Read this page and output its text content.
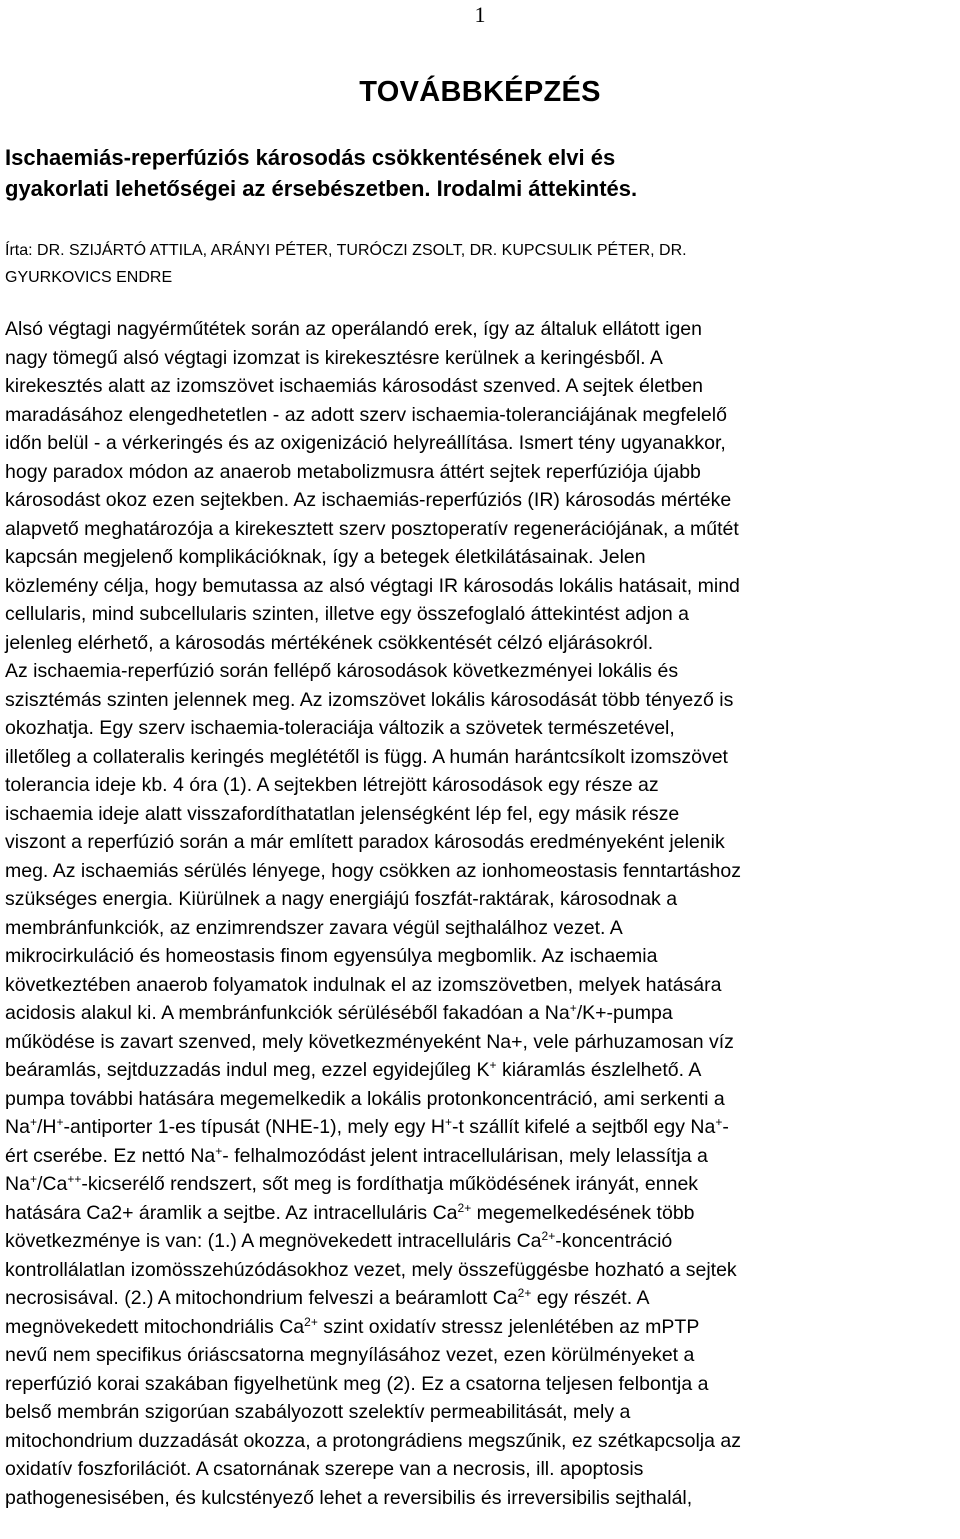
1
TOVÁBBKÉPZÉS
Ischaemiás-reperfúziós károsodás csökkentésének elvi és
gyakorlati lehetőségei az érsebészetben. Irodalmi áttekintés.
Írta: DR. SZIJÁRTÓ ATTILA, ARÁNYI PÉTER, TURÓCZI ZSOLT, DR. KUPCSULIK PÉTER, DR.
GYURKOVICS ENDRE
Alsó végtagi nagyérműtétek során az operálandó erek, így az általuk ellátott igen
nagy tömegű alsó végtagi izomzat is kirekesztésre kerülnek a keringésből. A
kirekesztés alatt az izomszövet ischaemiás károsodást szenved. A sejtek életben
maradásához elengedhetetlen - az adott szerv ischaemia-toleranciájának megfelelő
időn belül - a vérkeringés és az oxigenizáció helyreállítása. Ismert tény ugyanakkor,
hogy paradox módon az anaerob metabolizmusra áttért sejtek reperfúziója újabb
károsodást okoz ezen sejtekben. Az ischaemiás-reperfúziós (IR) károsodás mértéke
alapvető meghatározója a kirekesztett szerv posztoperatív regenerációjának, a műtét
kapcsán megjelenő komplikációknak, így a betegek életkilátásainak. Jelen
közlemény célja, hogy bemutassa az alsó végtagi IR károsodás lokális hatásait, mind
cellularis, mind subcellularis szinten, illetve egy összefoglaló áttekintést adjon a
jelenleg elérhető, a károsodás mértékének csökkentését célzó eljárásokról.
Az ischaemia-reperfúzió során fellépő károsodások következményei lokális és
szisztémás szinten jelennek meg. Az izomszövet lokális károsodását több tényező is
okozhatja. Egy szerv ischaemia-toleraciája változik a szövetek természetével,
illetőleg a collateralis keringés meglététől is függ. A humán harántcsíkolt izomszövet
tolerancia ideje kb. 4 óra (1). A sejtekben létrejött károsodások egy része az
ischaemia ideje alatt visszafordíthatatlan jelenségként lép fel, egy másik része
viszont a reperfúzió során a már említett paradox károsodás eredményeként jelenik
meg. Az ischaemiás sérülés lényege, hogy csökken az ionhomeostasis fenntartáshoz
szükséges energia. Kiürülnek a nagy energiájú foszfát-raktárak, károsodnak a
membránfunkciók, az enzimrendszer zavara végül sejthalálhoz vezet. A
mikrocirkuláció és homeostasis finom egyensúlya megbomlik. Az ischaemia
következtében anaerob folyamatok indulnak el az izomszövetben, melyek hatására
acidosis alakul ki. A membránfunkciók sérüléséből fakadóan a Na+/K+-pumpa
működése is zavart szenved, mely következményeként Na+, vele párhuzamosan víz
beáramlás, sejtduzzadás indul meg, ezzel egyidejűleg K+ kiáramlás észlelhető. A
pumpa további hatására megemelkedik a lokális protonkoncentráció, ami serkenti a
Na+/H+-antiporter 1-es típusát (NHE-1), mely egy H+-t szállít kifelé a sejtből egy Na+-
ért cserébe. Ez nettó Na+- felhalmozódást jelent intracellulárisan, mely lelassítja a
Na+/Ca++-kicserélő rendszert, sőt meg is fordíthatja működésének irányát, ennek
hatására Ca2+ áramlik a sejtbe. Az intracelluláris $Ca^{2+}$ megemelkedésének több
következménye is van: (1.) A megnövekedett intracelluláris $Ca^{2+}$-koncentráció
kontrollálatlan izomösszehúzódásokhoz vezet, mely összefüggésbe hozható a sejtek
necrosisával. (2.) A mitochondrium felveszi a beáramlott $Ca^{2+}$ egy részét. A
megnövekedett mitochondriális $Ca^{2+}$ szint oxidatív stressz jelenlétében az mPTP
nevű nem specifikus óriáscsatorna megnyílásához vezet, ezen körülményeket a
reperfúzió korai szakában figyelhetünk meg (2). Ez a csatorna teljesen felbontja a
belső membrán szigorúan szabályozott szelektív permeabilitását, mely a
mitochondrium duzzadását okozza, a protongrádiens megszűnik, ez szétkapcsolja az
oxidatív foszforilációt. A csatornának szerepe van a necrosis, ill. apoptosis
pathogenesisében, és kulcstényező lehet a reversibilis és irreversibilis sejthalál,
